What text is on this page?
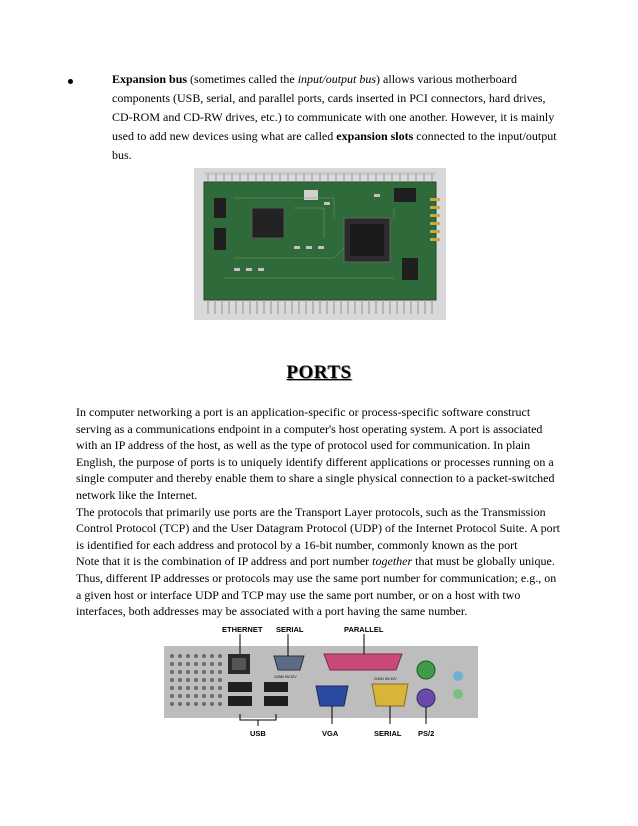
Expansion bus (sometimes called the input/output bus) allows various motherboard components (USB, serial, and parallel ports, cards inserted in PCI connectors, hard drives, CD-ROM and CD-RW drives, etc.) to communicate with one another. However, it is mainly used to add new devices using what are called expansion slots connected to the input/output bus.

PORTS

In computer networking a port is an application-specific or process-specific software construct serving as a communications endpoint in a computer's host operating system. A port is associated with an IP address of the host, as well as the type of protocol used for communication. In plain English, the purpose of ports is to uniquely identify different applications or processes running on a single computer and thereby enable them to share a single physical connection to a packet-switched network like the Internet.

The protocols that primarily use ports are the Transport Layer protocols, such as the Transmission Control Protocol (TCP) and the User Datagram Protocol (UDP) of the Internet Protocol Suite. A port is identified for each address and protocol by a 16-bit number, commonly known as the port

Note that it is the combination of IP address and port number together that must be globally unique. Thus, different IP addresses or protocols may use the same port number for communication; e.g., on a given host or interface UDP and TCP may use the same port number, or on a host with two interfaces, both addresses may be associated with a port having the same number.

ETHERNET SERIAL	PARALLEL
COM2 5V/12V	COM1 5V/12V
USB	VGA	SERIAL PS/2
